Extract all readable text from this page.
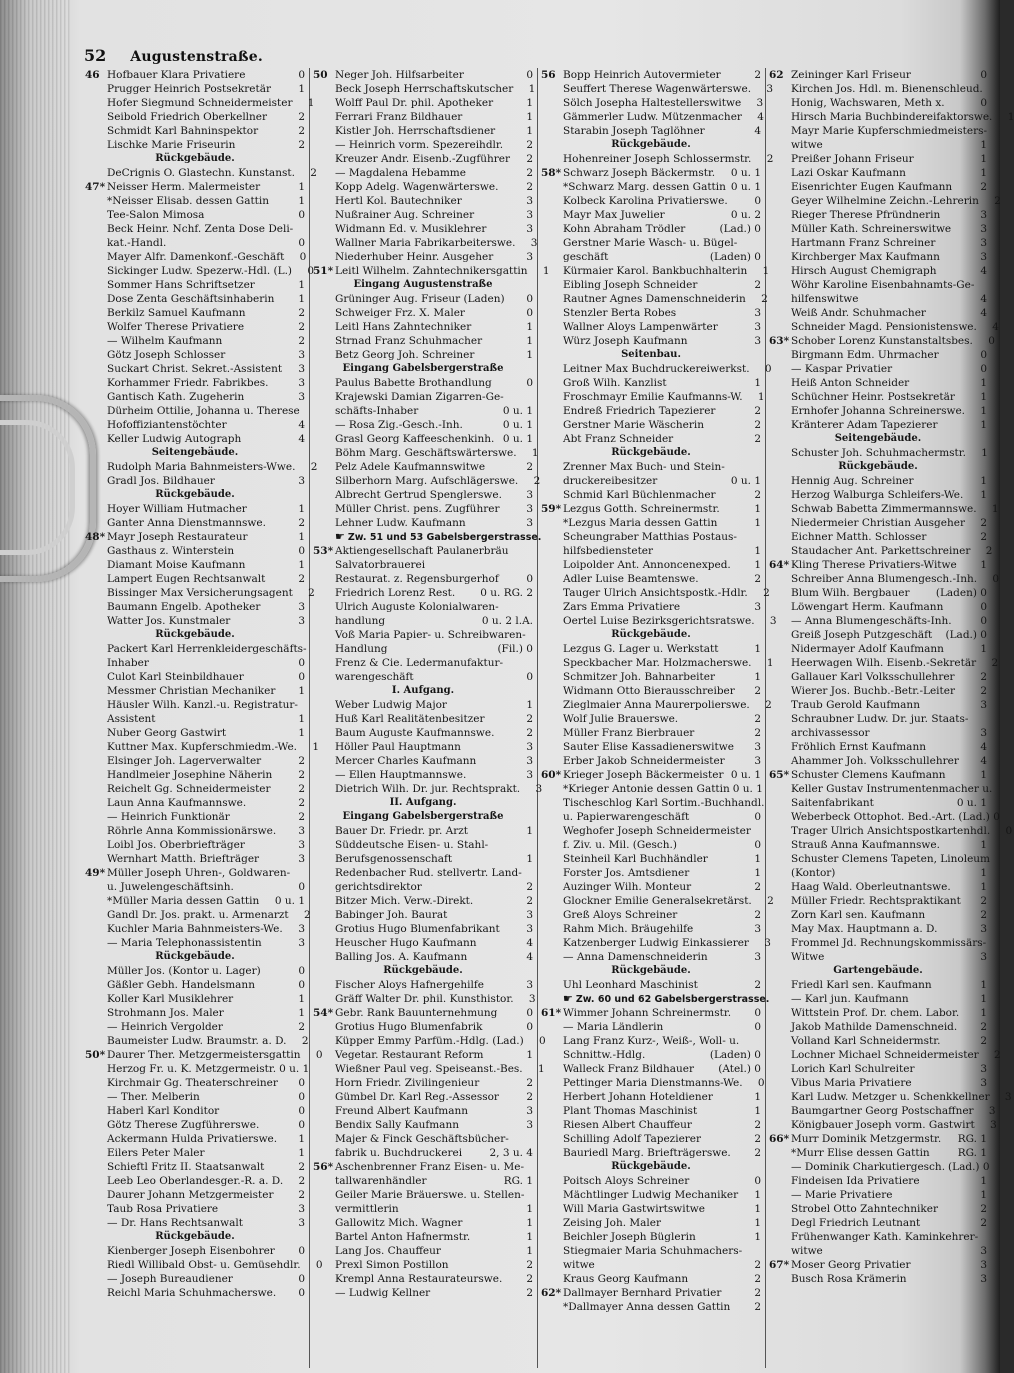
52 Augustenstraße.
46 Hofbauer Klara Privatiere	0
Prugger Heinrich Postsekretär	1
Hofer Siegmund Schneidermeister	1
Seibold Friedrich Oberkellner	2
Schmidt Karl Bahninspektor	2
Lischke Marie Friseurin	2
Rückgebäude.
DeCrignis O. Glastechn. Kunstanst.	2
47* Neisser Herm. Malermeister	1
*Neisser Elisab. dessen Gattin	1
Tee-Salon Mimosa	0
Beck Heinr. Nchf. Zenta Dose Deli-
kat.-Handl.	0
Mayer Alfr. Damenkonf.-Geschäft	0
Sickinger Ludw. Spezerw.-Hdl. (L.)	0
Sommer Hans Schriftsetzer	1
Dose Zenta Geschäftsinhaberin	1
Berkilz Samuel Kaufmann	2
Wolfer Therese Privatiere	2
— Wilhelm Kaufmann	2
Götz Joseph Schlosser	3
Suckart Christ. Sekret.-Assistent	3
Korhammer Friedr. Fabrikbes.	3
Gantisch Kath. Zugeherin	3
Dürheim Ottilie, Johanna u. Therese
Hofoffiziantenstöchter	4
Keller Ludwig Autograph	4
Seitengebäude.
Rudolph Maria Bahnmeisters-Wwe.	2
Gradl Jos. Bildhauer	3
Rückgebäude.
Hoyer William Hutmacher	1
Ganter Anna Dienstmannswe.	2
48* Mayr Joseph Restaurateur	1
Gasthaus z. Winterstein	0
Diamant Moise Kaufmann	1
Lampert Eugen Rechtsanwalt	2
Bissinger Max Versicherungsagent	2
Baumann Engelb. Apotheker	3
Watter Jos. Kunstmaler	3
Rückgebäude.
Packert Karl Herrenkleidergeschäfts-
Inhaber	0
Culot Karl Steinbildhauer	0
Messmer Christian Mechaniker	1
Häusler Wilh. Kanzl.-u. Registratur-
Assistent	1
Nuber Georg Gastwirt	1
Kuttner Max. Kupferschmiedm.-We.	1
Elsinger Joh. Lagerverwalter	2
Handlmeier Josephine Näherin	2
Reichelt Gg. Schneidermeister	2
Laun Anna Kaufmannswe.	2
— Heinrich Funktionär	2
Röhrle Anna Kommissionärswe.	3
Loibl Jos. Oberbriefträger	3
Wernhart Matth. Briefträger	3
49* Müller Joseph Uhren-, Goldwaren-
u. Juwelengeschäftsinh.	0
*Müller Maria dessen Gattin	0 u. 1
Gandl Dr. Jos. prakt. u. Armenarzt	2
Kuchler Maria Bahnmeisters-We.	3
— Maria Telephonassistentin	3
Rückgebäude.
Müller Jos. (Kontor u. Lager)	0
Gäßler Gebh. Handelsmann	0
Koller Karl Musiklehrer	1
Strohmann Jos. Maler	1
— Heinrich Vergolder	2
Baumeister Ludw. Braumstr. a. D.	2
50* Daurer Ther. Metzgermeistersgattin	0
Herzog Fr. u. K. Metzgermeistr. 0 u. 1
Kirchmair Gg. Theaterschreiner	0
— Ther. Melberin	0
Haberl Karl Konditor	0
Götz Therese Zugführerswe.	0
Ackermann Hulda Privatierswe.	1
Eilers Peter Maler	1
Schieftl Fritz II. Staatsanwalt	2
Leeb Leo Oberlandesger.-R. a. D.	2
Daurer Johann Metzgermeister	2
Taub Rosa Privatiere	3
— Dr. Hans Rechtsanwalt	3
Rückgebäude.
Kienberger Joseph Eisenbohrer	0
Riedl Willibald Obst- u. Gemüsehdlr.	0
— Joseph Bureaudiener	0
Reichl Maria Schuhmacherswe.	0
50 Neger Joh. Hilfsarbeiter	0
Beck Joseph Herrschaftskutscher	1
Wolff Paul Dr. phil. Apotheker	1
Ferrari Franz Bildhauer	1
Kistler Joh. Herrschaftsdiener	1
— Heinrich vorm. Spezereihdlr.	2
Kreuzer Andr. Eisenb.-Zugführer	2
— Magdalena Hebamme	2
Kopp Adelg. Wagenwärterswe.	2
Hertl Kol. Bautechniker	3
Nußrainer Aug. Schreiner	3
Widmann Ed. v. Musiklehrer	3
Wallner Maria Fabrikarbeiterswe.	3
Niederhuber Heinr. Ausgeher	3
51* Leitl Wilhelm. Zahntechnikersgattin	1
Eingang Augustenstraße
Grüninger Aug. Friseur (Laden)	0
Schweiger Frz. X. Maler	0
Leitl Hans Zahntechniker	1
Strnad Franz Schuhmacher	1
Betz Georg Joh. Schreiner	1
Eingang Gabelsbergerstraße
Paulus Babette Brothandlung	0
Krajewski Damian Zigarren-Ge-
schäfts-Inhaber	0 u. 1
— Rosa Zig.-Gesch.-Inh.	0 u. 1
Grasl Georg Kaffeeschenkinh. 0 u. 1
Böhm Marg. Geschäftswärterswe.	1
Pelz Adele Kaufmannswitwe	2
Silberhorn Marg. Aufschlägerswe.	2
Albrecht Gertrud Spenglerswe.	3
Müller Christ. pens. Zugführer	3
Lehner Ludw. Kaufmann	3
☛ Zw. 51 und 53 Gabelsbergerstrasse.
53* Aktiengesellschaft Paulanerbräu
Salvatorbrauerei
Restaurat. z. Regensburgerhof	0
Friedrich Lorenz Rest.	0 u. RG. 2
Ulrich Auguste Kolonialwaren-
handlung	0 u. 2 l.A.
Voß Maria Papier- u. Schreibwaren-
Handlung	(Fil.) 0
Frenz & Cie. Ledermanufaktur-
warengeschäft	0
I. Aufgang.
Weber Ludwig Major	1
Huß Karl Realitätenbesitzer	2
Baum Auguste Kaufmannswe.	2
Höller Paul Hauptmann	3
Mercer Charles Kaufmann	3
— Ellen Hauptmannswe.	3
Dietrich Wilh. Dr. jur. Rechtsprakt.	3
II. Aufgang.
Eingang Gabelsbergerstraße
Bauer Dr. Friedr. pr. Arzt	1
Süddeutsche Eisen- u. Stahl-
Berufsgenossenschaft	1
Redenbacher Rud. stellvertr. Land-
gerichtsdirektor	2
Bitzer Mich. Verw.-Direkt.	2
Babinger Joh. Baurat	3
Grotius Hugo Blumenfabrikant	3
Heuscher Hugo Kaufmann	4
Balling Jos. A. Kaufmann	4
Rückgebäude.
Fischer Aloys Hafnergehilfe	3
Gräff Walter Dr. phil. Kunsthistor.	3
54* Gebr. Rank Bauunternehmung	0
Grotius Hugo Blumenfabrik	0
Küpper Emmy Parfüm.-Hdlg. (Lad.)	0
Vegetar. Restaurant Reform	1
Wießner Paul veg. Speiseanst.-Bes.	1
Horn Friedr. Zivilingenieur	2
Gümbel Dr. Karl Reg.-Assessor	2
Freund Albert Kaufmann	3
Bendix Sally Kaufmann	3
Majer & Finck Geschäftsbücher-
fabrik u. Buchdruckerei	2, 3 u. 4
56* Aschenbrenner Franz Eisen- u. Me-
tallwarenhändler	RG. 1
Geiler Marie Bräuerswe. u. Stellen-
vermittlerin	1
Gallowitz Mich. Wagner	1
Bartel Anton Hafnermstr.	1
Lang Jos. Chauffeur	1
Prexl Simon Postillon	2
Krempl Anna Restaurateurswe.	2
— Ludwig Kellner	2
56 Bopp Heinrich Autovermieter	2
Seuffert Therese Wagenwärterswe.	3
Sölch Josepha Haltestellerswitwe	3
Gämmerler Ludw. Mützenmacher	4
Starabin Joseph Taglöhner	4
Rückgebäude.
Hohenreiner Joseph Schlossermstr.	2
58* Schwarz Joseph Bäckermstr.	0 u. 1
*Schwarz Marg. dessen Gattin 0 u. 1
Kolbeck Karolina Privatierswe.	0
Mayr Max Juwelier	0 u. 2
Kohn Abraham Trödler	(Lad.) 0
Gerstner Marie Wasch- u. Bügel-
geschäft	(Laden) 0
Kürmaier Karol. Bankbuchhalterin	1
Eibling Joseph Schneider	2
Rautner Agnes Damenschneiderin	2
Stenzler Berta Robes	3
Wallner Aloys Lampenwärter	3
Würz Joseph Kaufmann	3
Seitenbau.
Leitner Max Buchdruckereiwerkst.	0
Groß Wilh. Kanzlist	1
Froschmayr Emilie Kaufmanns-W.	1
Endreß Friedrich Tapezierer	2
Gerstner Marie Wäscherin	2
Abt Franz Schneider	2
Rückgebäude.
Zrenner Max Buch- und Stein-
druckereibesitzer	0 u. 1
Schmid Karl Büchlenmacher	2
59* Lezgus Gotth. Schreinermstr.	1
*Lezgus Maria dessen Gattin	1
Scheungraber Matthias Postaus-
hilfsbediensteter	1
Loipolder Ant. Annoncenexped.	1
Adler Luise Beamtenswe.	2
Tauger Ulrich Ansichtspostk.-Hdlr.	2
Zars Emma Privatiere	3
Oertel Luise Bezirksgerichtsratswe.	3
Rückgebäude.
Lezgus G. Lager u. Werkstatt	1
Speckbacher Mar. Holzmacherswe.	1
Schmitzer Joh. Bahnarbeiter	1
Widmann Otto Bierausschreiber	2
Zieglmaier Anna Maurerpolierswe.	2
Wolf Julie Brauerswe.	2
Müller Franz Bierbrauer	2
Sauter Elise Kassadienerswitwe	3
Erber Jakob Schneidermeister	3
60* Krieger Joseph Bäckermeister 0 u. 1
*Krieger Antonie dessen Gattin 0 u. 1
Tischeschlog Karl Sortim.-Buchhandl.
u. Papierwarengeschäft	0
Weghofer Joseph Schneidermeister
f. Ziv. u. Mil. (Gesch.)	0
Steinheil Karl Buchhändler	1
Forster Jos. Amtsdiener	1
Auzinger Wilh. Monteur	2
Glockner Emilie Generalsekretärst.	2
Greß Aloys Schreiner	2
Rahm Mich. Bräugehilfe	3
Katzenberger Ludwig Einkassierer	3
— Anna Damenschneiderin	3
Rückgebäude.
Uhl Leonhard Maschinist	2
☛ Zw. 60 und 62 Gabelsbergerstrasse.
61* Wimmer Johann Schreinermstr.	0
— Maria Ländlerin	0
Lang Franz Kurz-, Weiß-, Woll- u.
Schnittw.-Hdlg.	(Laden) 0
Walleck Franz Bildhauer	(Atel.) 0
Pettinger Maria Dienstmanns-We.	0
Herbert Johann Hoteldiener	1
Plant Thomas Maschinist	1
Riesen Albert Chauffeur	2
Schilling Adolf Tapezierer	2
Bauriedl Marg. Briefträgerswe.	2
Rückgebäude.
Poitsch Aloys Schreiner	0
Mächtlinger Ludwig Mechaniker	1
Will Maria Gastwirtswitwe	1
Zeising Joh. Maler	1
Beichler Joseph Büglerin	1
Stiegmaier Maria Schuhmachers-
witwe	2
Kraus Georg Kaufmann	2
62* Dallmayer Bernhard Privatier	2
*Dallmayer Anna dessen Gattin	2
62 Zeininger Karl Friseur	0
Kirchen Jos. Hdl. m. Bienenschleud.
Honig, Wachswaren, Meth x.	0
Hirsch Maria Buchbindereifaktorswe.	1
Mayr Marie Kupferschmiedmeisters-
witwe	1
Preißer Johann Friseur	1
Lazi Oskar Kaufmann	1
Eisenrichter Eugen Kaufmann	2
Geyer Wilhelmine Zeichn.-Lehrerin	2
Rieger Therese Pfründnerin	3
Müller Kath. Schreinerswitwe	3
Hartmann Franz Schreiner	3
Kirchberger Max Kaufmann	3
Hirsch August Chemigraph	4
Wöhr Karoline Eisenbahnamts-Ge-
hilfenswitwe	4
Weiß Andr. Schuhmacher	4
Schneider Magd. Pensionistenswe.	4
63* Schober Lorenz Kunstanstaltsbes.	0
Birgmann Edm. Uhrmacher	0
— Kaspar Privatier	0
Heiß Anton Schneider	1
Schüchner Heinr. Postsekretär	1
Ernhofer Johanna Schreinerswe.	1
Kränterer Adam Tapezierer	1
Seitengebäude.
Schuster Joh. Schuhmachermstr.	1
Rückgebäude.
Hennig Aug. Schreiner	1
Herzog Walburga Schleifers-We.	1
Schwab Babetta Zimmermannswe.	1
Niedermeier Christian Ausgeher	2
Eichner Matth. Schlosser	2
Staudacher Ant. Parkettschreiner	2
64* Kling Therese Privatiers-Witwe	1
Schreiber Anna Blumengesch.-Inh.	0
Blum Wilh. Bergbauer	(Laden) 0
Löwengart Herm. Kaufmann	0
— Anna Blumengeschäfts-Inh.	0
Greiß Joseph Putzgeschäft	(Lad.) 0
Nidermayer Adolf Kaufmann	1
Heerwagen Wilh. Eisenb.-Sekretär	2
Gallauer Karl Volksschullehrer	2
Wierer Jos. Buchb.-Betr.-Leiter	2
Traub Gerold Kaufmann	3
Schraubner Ludw. Dr. jur. Staats-
archivassessor	3
Fröhlich Ernst Kaufmann	4
Ahammer Joh. Volksschullehrer	4
65* Schuster Clemens Kaufmann	1
Keller Gustav Instrumentenmacher u.
Saitenfabrikant	0 u. 1
Weberbeck Ottophot. Bed.-Art. (Lad.) 0
Trager Ulrich Ansichtspostkartenhdl.	0
Strauß Anna Kaufmannswe.	1
Schuster Clemens Tapeten, Linoleum
(Kontor)	1
Haag Wald. Oberleutnantswe.	1
Müller Friedr. Rechtspraktikant	2
Zorn Karl sen. Kaufmann	2
May Max. Hauptmann a. D.	3
Frommel Jd. Rechnungskommissärs-
Witwe	3
Gartengebäude.
Friedl Karl sen. Kaufmann	1
— Karl jun. Kaufmann	1
Wittstein Prof. Dr. chem. Labor.	1
Jakob Mathilde Damenschneid.	2
Volland Karl Schneidermstr.	2
Lochner Michael Schneidermeister	2
Lorich Karl Schulreiter	3
Vibus Maria Privatiere	3
Karl Ludw. Metzger u. Schenkkellner	3
Baumgartner Georg Postschaffner	3
Königbauer Joseph vorm. Gastwirt	3
66* Murr Dominik Metzgermstr.	RG. 1
*Murr Elise dessen Gattin	RG. 1
— Dominik Charkutiergesch. (Lad.) 0
Findeisen Ida Privatiere	1
— Marie Privatiere	1
Strobel Otto Zahntechniker	2
Degl Friedrich Leutnant	2
Frühenwanger Kath. Kaminkehrer-
witwe	3
67* Moser Georg Privatier	3
Busch Rosa Krämerin	3
